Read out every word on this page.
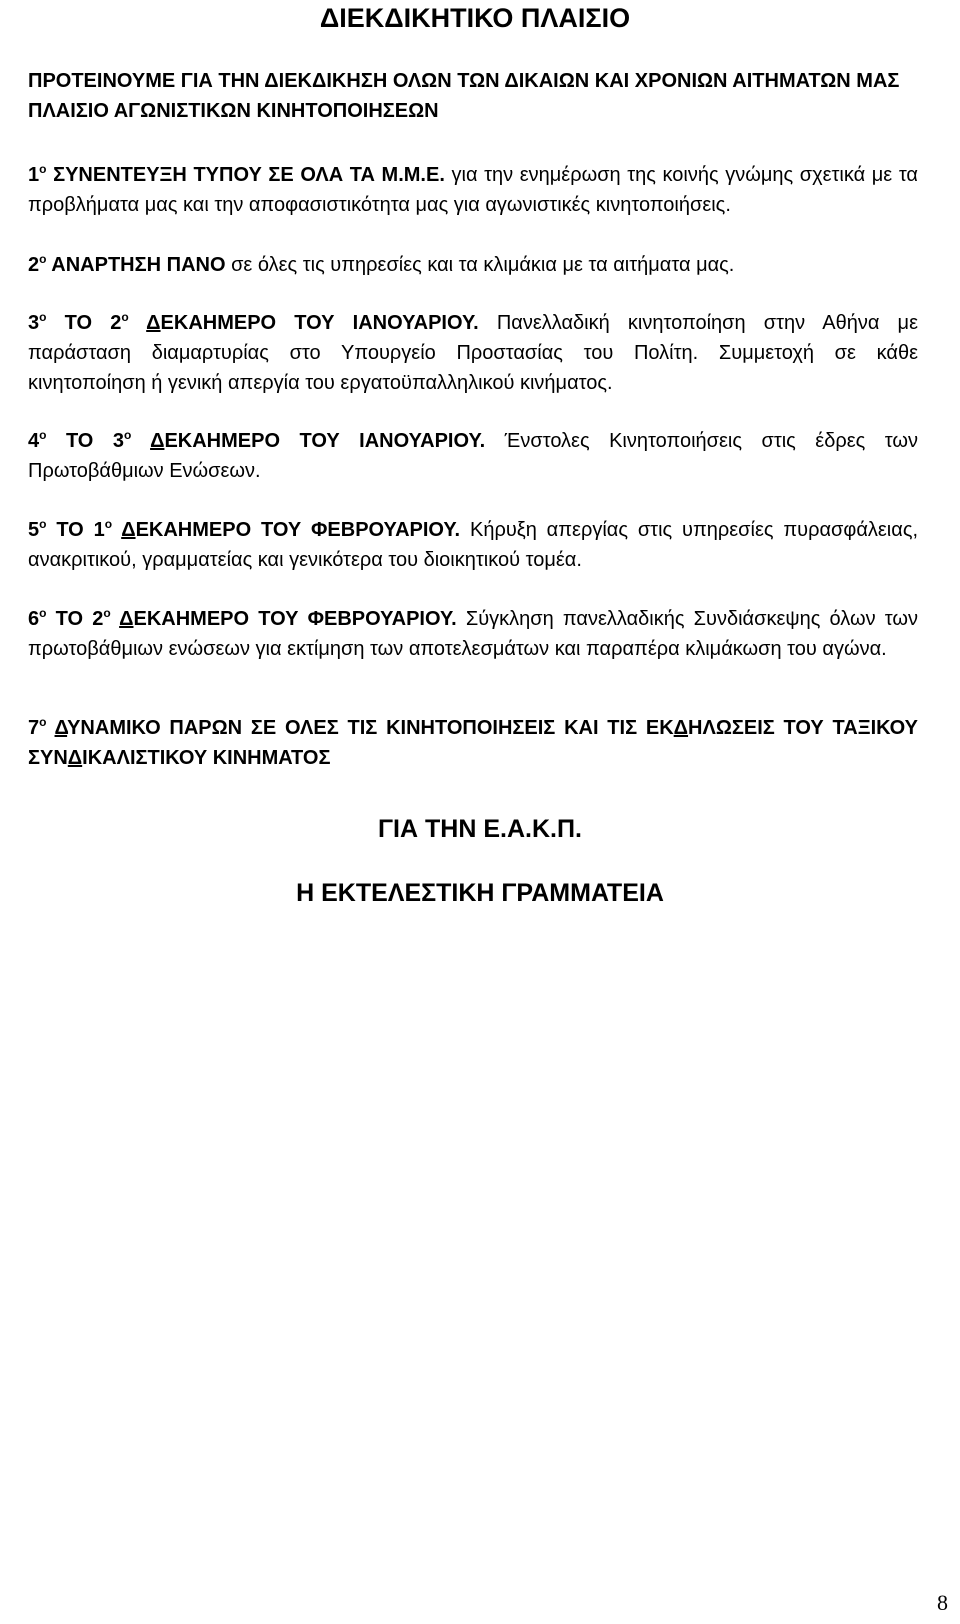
ΔΙΕΚΔΙΚΗΤΙΚΟ ΠΛΑΙΣΙΟ
ΠΡΟΤΕΙΝΟΥΜΕ ΓΙΑ ΤΗΝ ΔΙΕΚΔΙΚΗΣΗ ΟΛΩΝ ΤΩΝ ΔΙΚΑΙΩΝ ΚΑΙ ΧΡΟΝΙΩΝ ΑΙΤΗΜΑΤΩΝ ΜΑΣ
ΠΛΑΙΣΙΟ ΑΓΩΝΙΣΤΙΚΩΝ ΚΙΝΗΤΟΠΟΙΗΣΕΩΝ
$1^o$ ΣΥΝΕΝΤΕΥΞΗ ΤΥΠΟΥ ΣΕ ΟΛΑ ΤΑ Μ.Μ.Ε. για την ενημέρωση της κοινής γνώμης σχετικά με τα
προβλήματα μας και την αποφασιστικότητα μας για αγωνιστικές κινητοποιήσεις.
$2^o$ ΑΝΑΡΤΗΣΗ ΠΑΝΟ σε όλες τις υπηρεσίες και τα κλιμάκια με τα αιτήματα μας.
$3^o$ ΤΟ $2^o$ ΔΕΚΑΗΜΕΡΟ ΤΟΥ ΙΑΝΟΥΑΡΙΟΥ. Πανελλαδική κινητοποίηση στην Αθήνα με
παράσταση διαμαρτυρίας στο Υπουργείο Προστασίας του Πολίτη. Συμμετοχή σε κάθε
κινητοποίηση ή γενική απεργία του εργατοϋπαλληλικού κινήματος.
$4^o$ ΤΟ $3^o$ ΔΕΚΑΗΜΕΡΟ ΤΟΥ ΙΑΝΟΥΑΡΙΟΥ. Ένστολες Κινητοποιήσεις στις έδρες των
Πρωτοβάθμιων Ενώσεων.
$5^o$ ΤΟ $1^o$ ΔΕΚΑΗΜΕΡΟ ΤΟΥ ΦΕΒΡΟΥΑΡΙΟΥ. Κήρυξη απεργίας στις υπηρεσίες πυρασφάλειας,
ανακριτικού, γραμματείας και γενικότερα του διοικητικού τομέα.
$6^o$ ΤΟ $2^o$ ΔΕΚΑΗΜΕΡΟ ΤΟΥ ΦΕΒΡΟΥΑΡΙΟΥ. Σύγκληση πανελλαδικής Συνδιάσκεψης όλων των
πρωτοβάθμιων ενώσεων για εκτίμηση των αποτελεσμάτων και παραπέρα κλιμάκωση του αγώνα.
$7^o$ ΔΥΝΑΜΙΚΟ ΠΑΡΩΝ ΣΕ ΟΛΕΣ ΤΙΣ ΚΙΝΗΤΟΠΟΙΗΣΕΙΣ ΚΑΙ ΤΙΣ ΕΚΔΗΛΩΣΕΙΣ ΤΟΥ ΤΑΞΙΚΟΥ
ΣΥΝΔΙΚΑΛΙΣΤΙΚΟΥ ΚΙΝΗΜΑΤΟΣ
ΓΙΑ ΤΗΝ Ε.Α.Κ.Π.
Η ΕΚΤΕΛΕΣΤΙΚΗ ΓΡΑΜΜΑΤΕΙΑ
8
